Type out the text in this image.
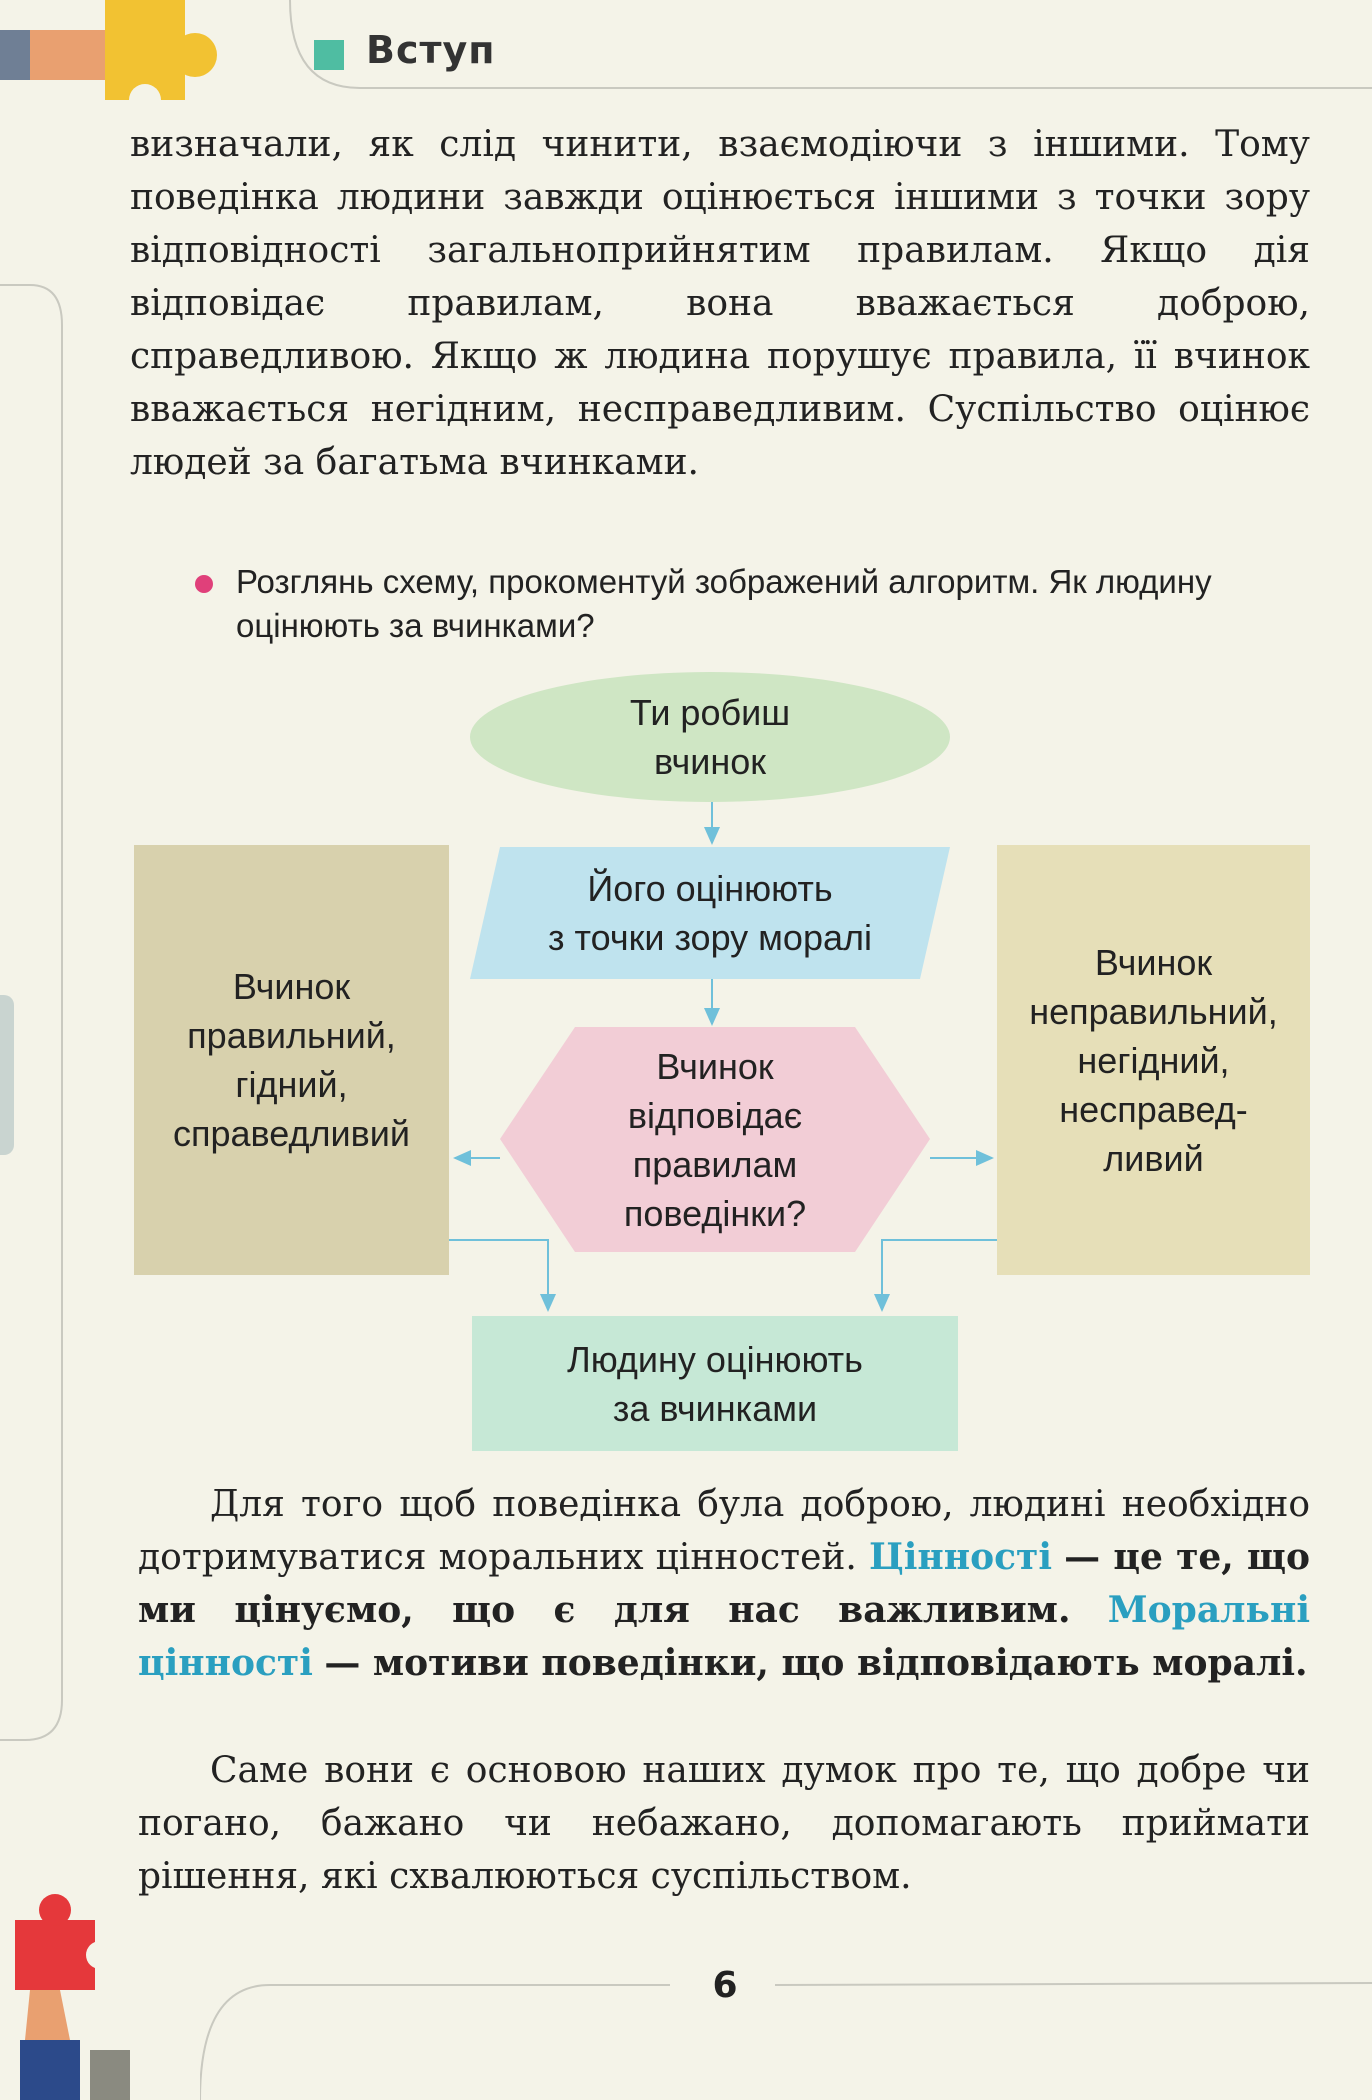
Вступ

визначали, як слід чинити, взаємодіючи з іншими. Тому поведінка людини завжди оцінюється іншими з точки зору відповідності загальноприйнятим правилам. Якщо дія відповідає правилам, вона вважається доброю, справедливою. Якщо ж людина порушує правила, її вчинок вважається негідним, несправедливим. Суспільство оцінює людей за багатьма вчинками.

Розглянь схему, прокоментуй зображений алгоритм. Як людину оцінюють за вчинками?
Ти робиш
вчинок
Його оцінюють
з точки зору моралі
Вчинок
відповідає
правилам
поведінки?
Вчинок
правильний,
гідний,
справедливий
Вчинок
неправильний,
негідний,
несправед-
ливий
Людину оцінюють
за вчинками

  Для того щоб поведінка була доброю, людині необхідно дотримуватися моральних цінностей. Цінності — це те, що ми цінуємо, що є для нас важливим. Моральні цінності — мотиви поведінки, що відповідають моралі.

  Саме вони є основою наших думок про те, що добре чи погано, бажано чи небажано, допомагають приймати рішення, які схвалюються суспільством.

6
